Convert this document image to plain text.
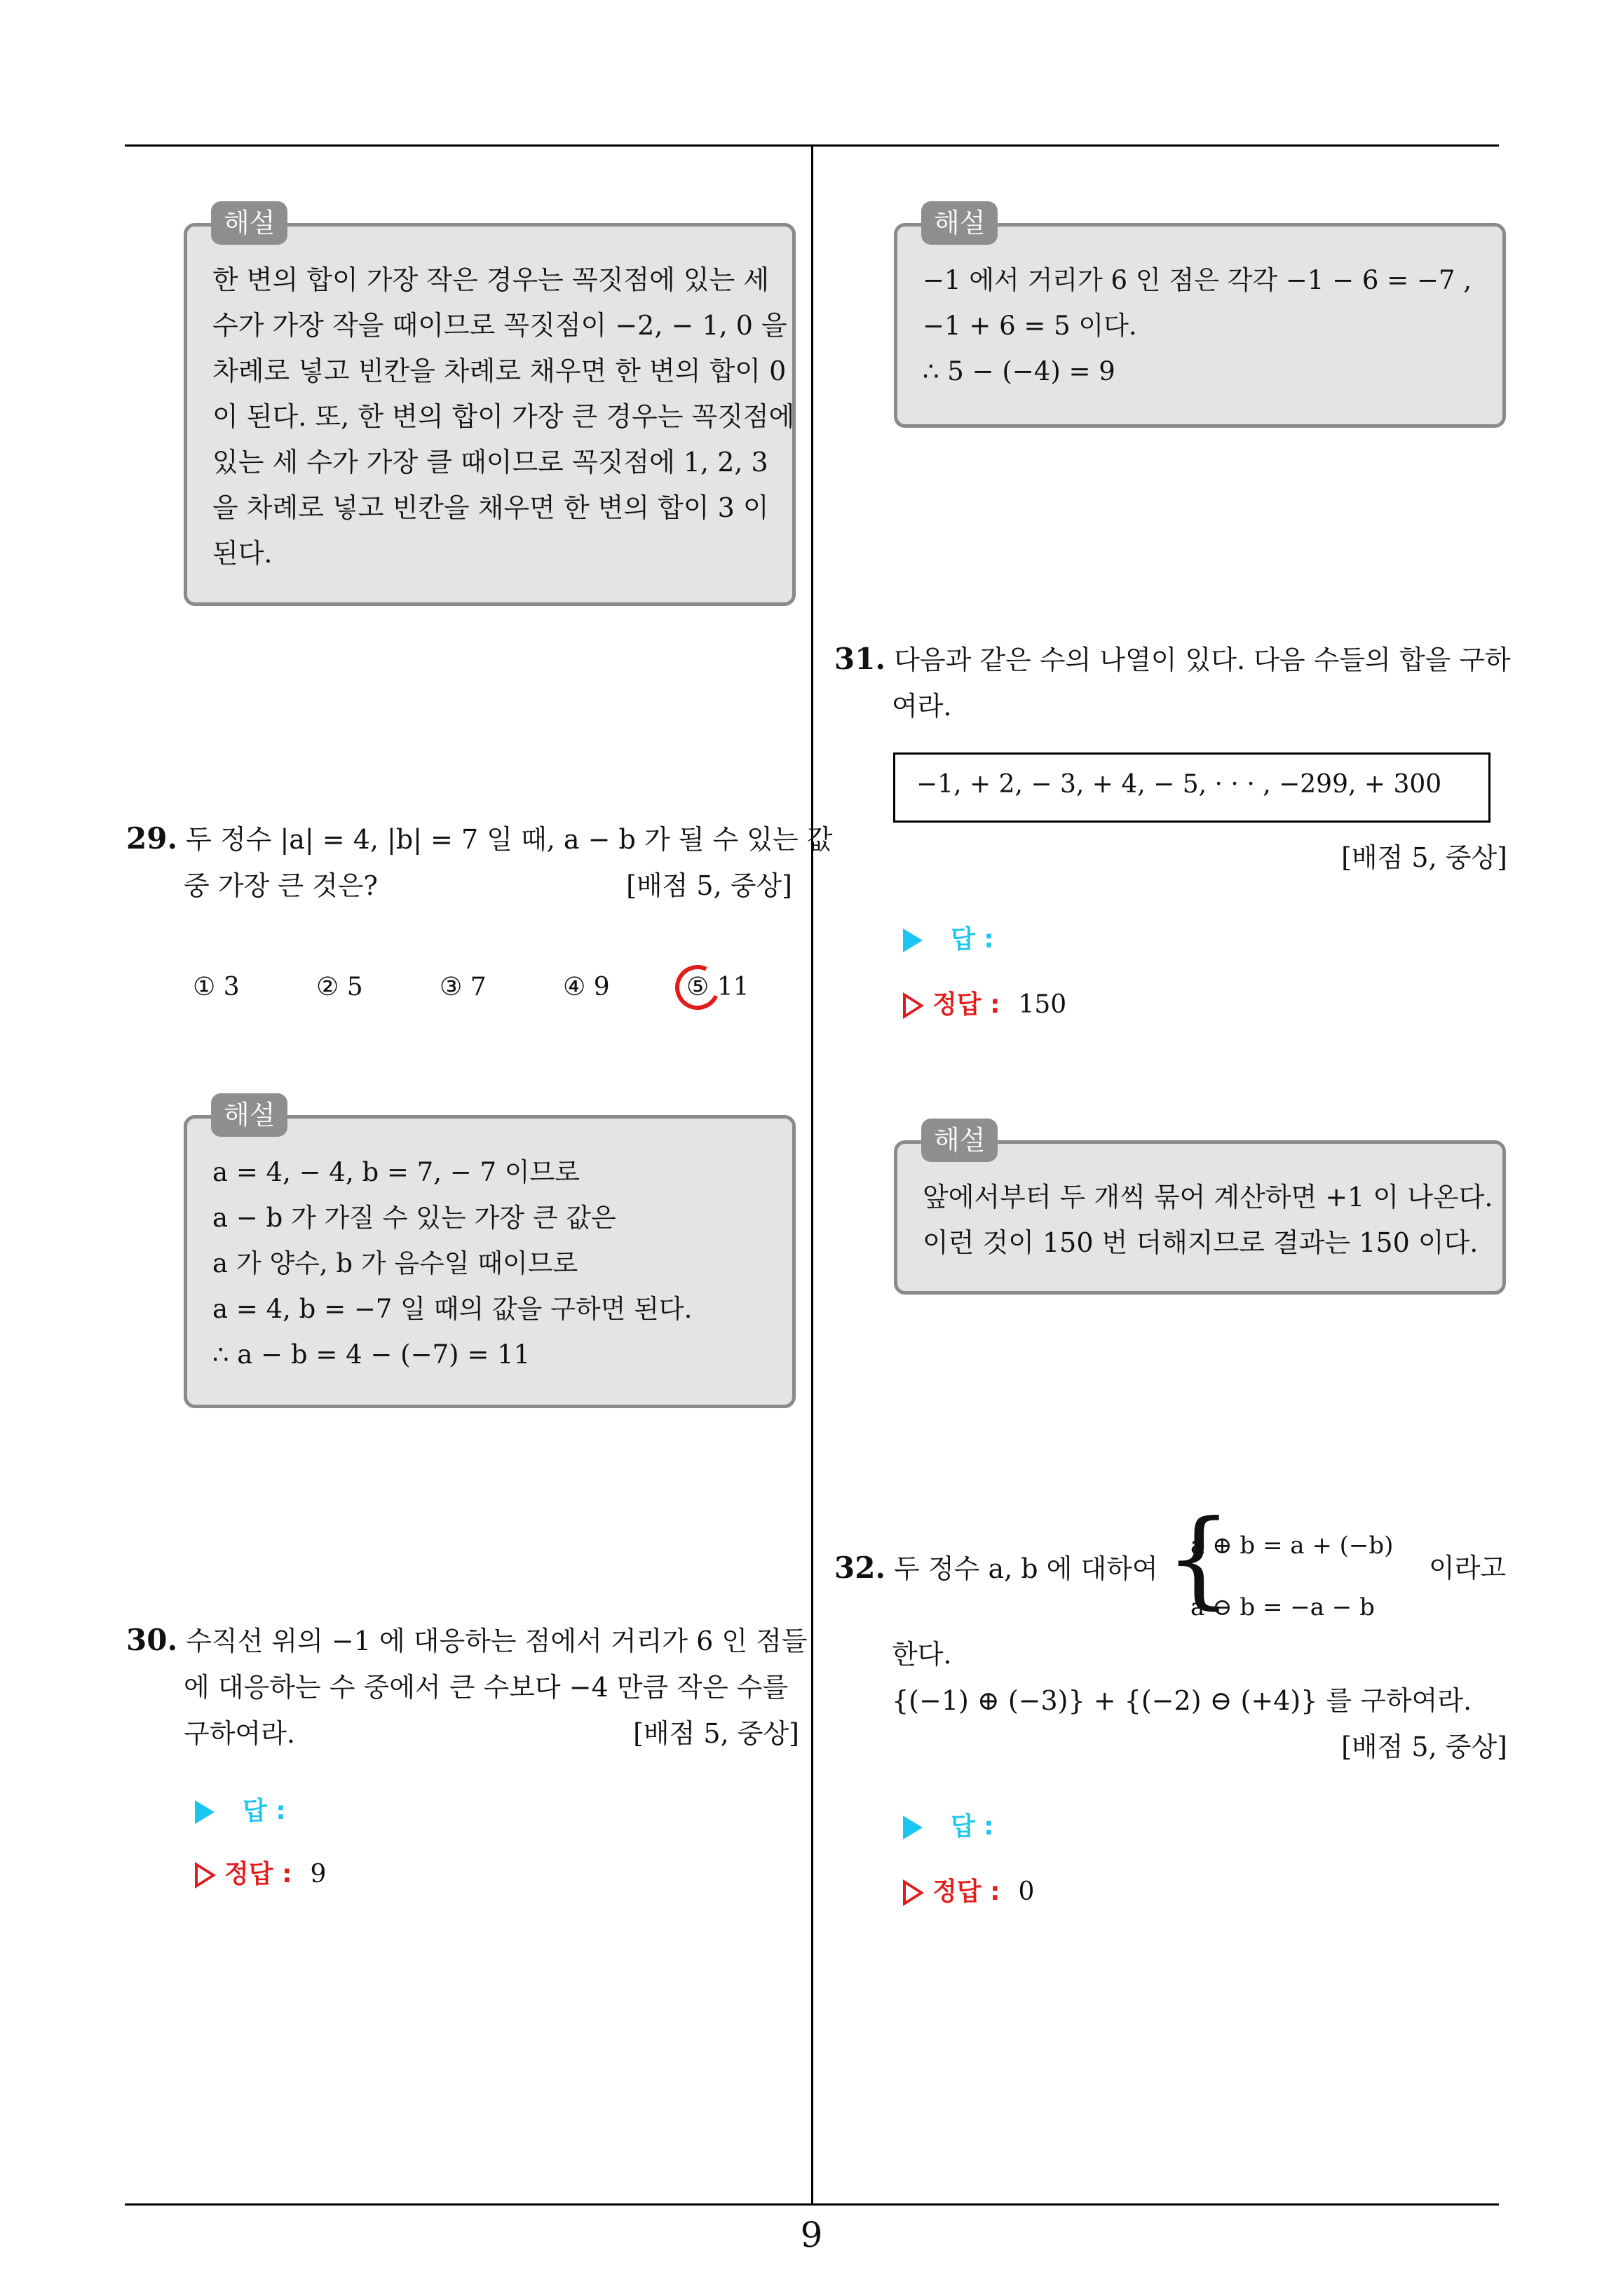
해설
한 변의 합이 가장 작은 경우는 꼭짓점에 있는 세
수가 가장 작을 때이므로 꼭짓점이 −2, − 1, 0 을
차례로 넣고 빈칸을 차례로 채우면 한 변의 합이 0
이 된다. 또, 한 변의 합이 가장 큰 경우는 꼭짓점에
있는 세 수가 가장 클 때이므로 꼭짓점에 1, 2, 3
을 차례로 넣고 빈칸을 채우면 한 변의 합이 3 이
된다.
29. 두 정수 |a| = 4, |b| = 7 일 때, a − b 가 될 수 있는 값
중 가장 큰 것은?	[배점 5, 중상]
① 3	② 5	③ 7	④ 9	⑤ 11
해설
a = 4, − 4, b = 7, − 7 이므로
a − b 가 가질 수 있는 가장 큰 값은
a 가 양수, b 가 음수일 때이므로
a = 4, b = −7 일 때의 값을 구하면 된다.
∴ a − b = 4 − (−7) = 11
30. 수직선 위의 −1 에 대응하는 점에서 거리가 6 인 점들
에 대응하는 수 중에서 큰 수보다 −4 만큼 작은 수를
구하여라.	[배점 5, 중상]
답 :
정답 : 9
해설
−1 에서 거리가 6 인 점은 각각 −1 − 6 = −7 ,
−1 + 6 = 5 이다.
∴ 5 − (−4) = 9
31. 다음과 같은 수의 나열이 있다. 다음 수들의 합을 구하
여라.
−1, + 2, − 3, + 4, − 5, · · · , −299, + 300
[배점 5, 중상]
답 :
정답 : 150
해설
앞에서부터 두 개씩 묶어 계산하면 +1 이 나온다.
이런 것이 150 번 더해지므로 결과는 150 이다.
32. 두 정수 a, b 에 대하여 {
a ⊕ b = a + (−b)
a ⊖ b = −a − b
이라고
한다.
{(−1) ⊕ (−3)} + {(−2) ⊖ (+4)} 를 구하여라.
[배점 5, 중상]
답 :
정답 : 0
9
